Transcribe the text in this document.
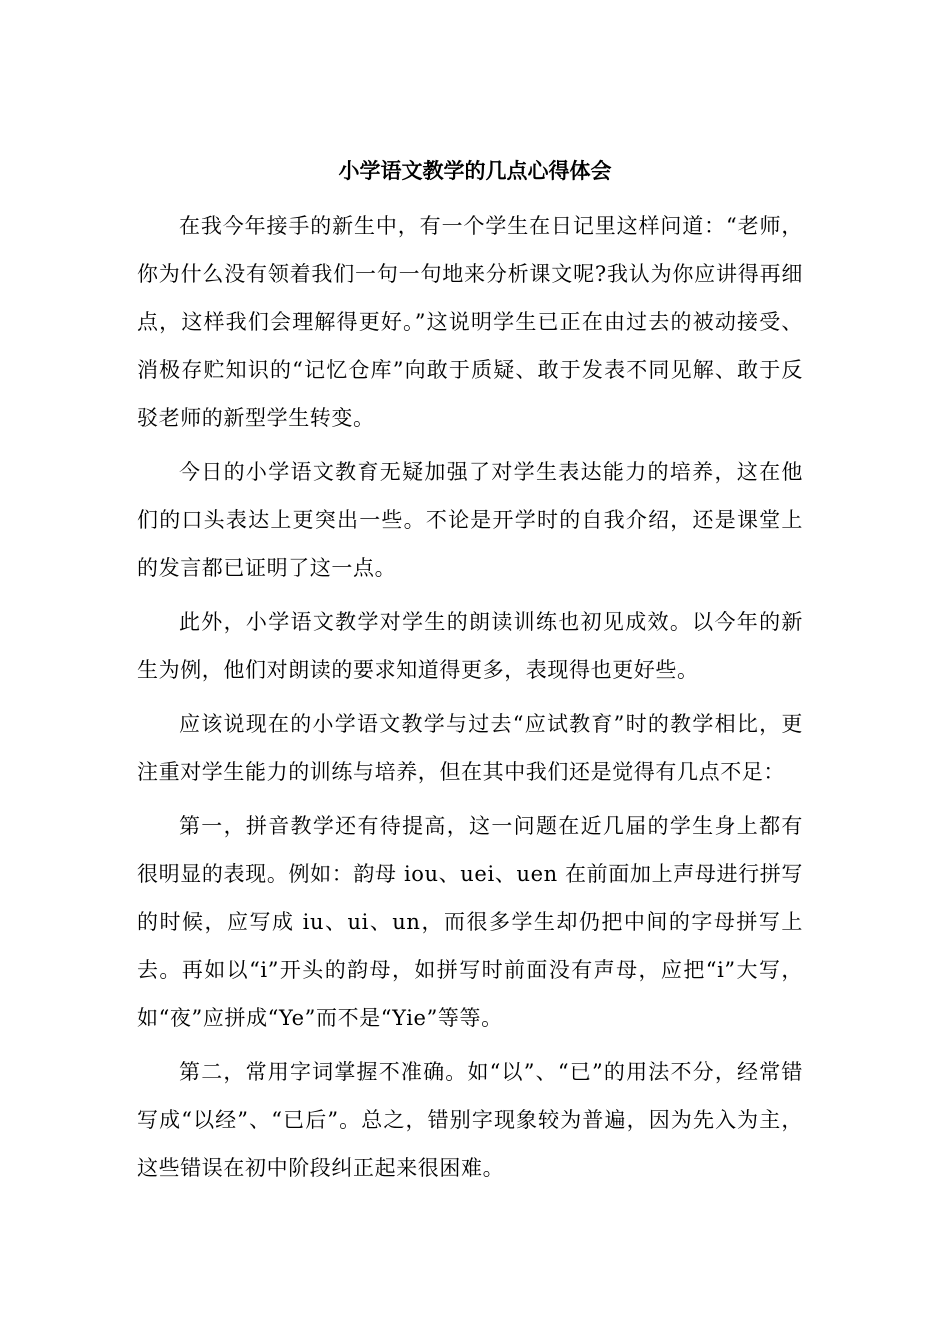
小学语文教学的几点心得体会

在我今年接手的新生中，有一个学生在日记里这样问道：“老师，你为什么没有领着我们一句一句地来分析课文呢?我认为你应讲得再细点，这样我们会理解得更好。”这说明学生已正在由过去的被动接受、消极存贮知识的“记忆仓库”向敢于质疑、敢于发表不同见解、敢于反驳老师的新型学生转变。

今日的小学语文教育无疑加强了对学生表达能力的培养，这在他们的口头表达上更突出一些。不论是开学时的自我介绍，还是课堂上的发言都已证明了这一点。

此外，小学语文教学对学生的朗读训练也初见成效。以今年的新生为例，他们对朗读的要求知道得更多，表现得也更好些。

应该说现在的小学语文教学与过去“应试教育”时的教学相比，更注重对学生能力的训练与培养，但在其中我们还是觉得有几点不足：

第一，拼音教学还有待提高，这一问题在近几届的学生身上都有很明显的表现。例如：韵母 iou、uei、uen 在前面加上声母进行拼写的时候，应写成 iu、ui、un，而很多学生却仍把中间的字母拼写上去。再如以“i”开头的韵母，如拼写时前面没有声母，应把“i”大写，如“夜”应拼成“Ye”而不是“Yie”等等。

第二，常用字词掌握不准确。如“以”、“已”的用法不分，经常错写成“以经”、“已后”。总之，错别字现象较为普遍，因为先入为主，这些错误在初中阶段纠正起来很困难。
